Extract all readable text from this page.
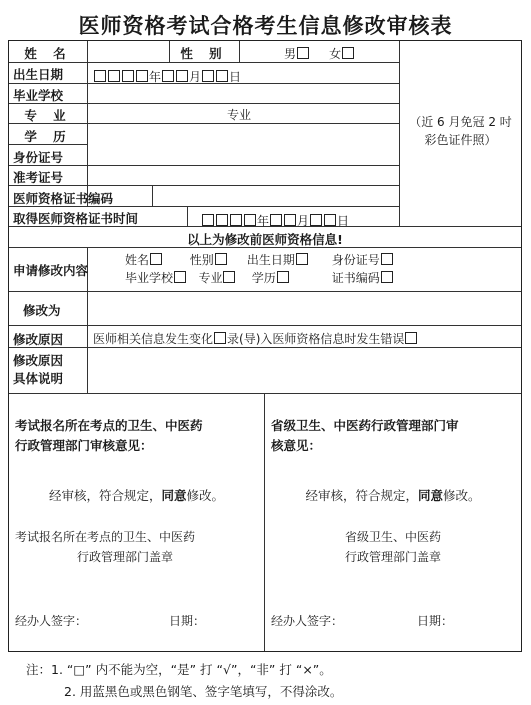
医师资格考试合格考生信息修改审核表
姓 名	性 别	男	女
出生日期	年 月 日
毕业学校
专 业	专业
学 历
身份证号
准考证号
医师资格证书编码
取得医师资格证书时间	年 月 日
（近 6 月免冠 2 吋
彩色证件照）
以上为修改前医师资格信息!
申请修改内容
姓名	性别	出生日期	身份证号
毕业学校 专业 学历	证书编码
修改为
修改原因 医师相关信息发生变化 录(导)入医师资格信息时发生错误
修改原因
具体说明
考试报名所在考点的卫生、中医药
行政管理部门审核意见：
经审核，符合规定，同意修改。
考试报名所在考点的卫生、中医药
行政管理部门盖章
经办人签字：	日期：
省级卫生、中医药行政管理部门审
核意见：
经审核，符合规定，同意修改。
省级卫生、中医药
行政管理部门盖章
经办人签字：	日期：
注：1. “□” 内不能为空，“是” 打 “√”，“非” 打 “×”。
2. 用蓝黑色或黑色钢笔、签字笔填写，不得涂改。
